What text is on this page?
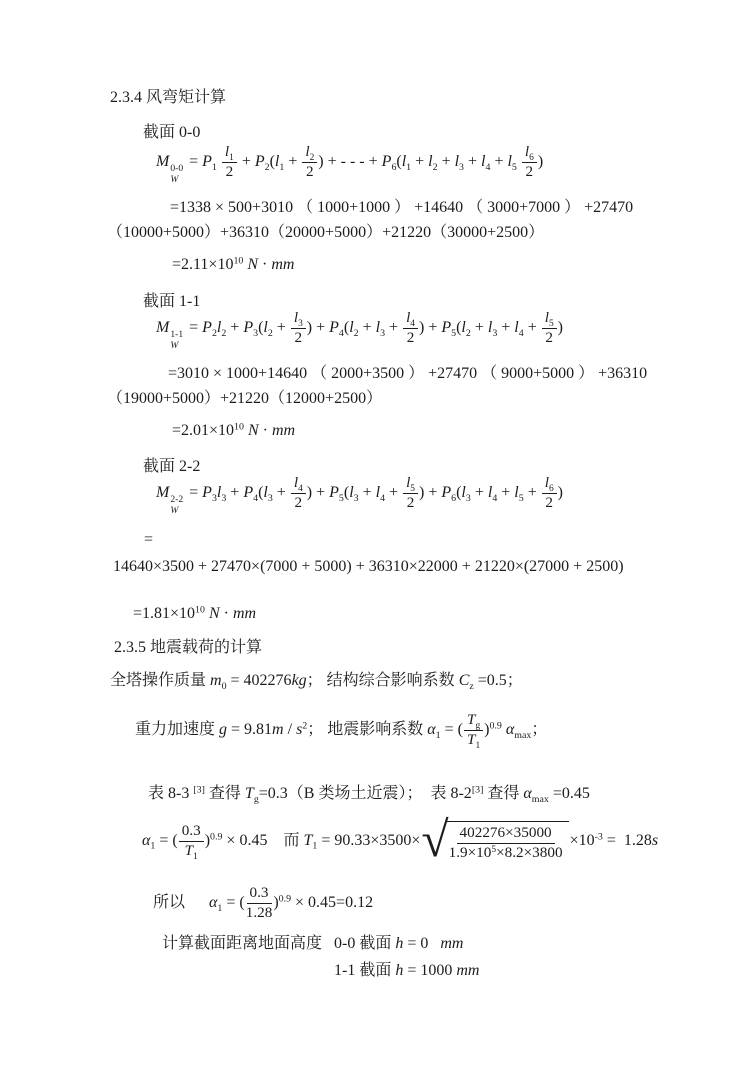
2.3.4 风弯矩计算
截面 0-0
M 0-0
W
= $P_1 \frac{l_1}{2} + P_2(l_1 + \frac{l_2}{2}$ ) + - - - + $P_6(l_1 + l_2 + l_3 + l_4 + l_5 \frac{l_6}{2}$ )
=1338 × 500+3010 （ 1000+1000 ） +14640 （ 3000+7000 ） +27470
（10000+5000）+36310（20000+5000）+21220（30000+2500）
$=2.11\times 10^{10}$ N · mm
截面 1-1
M 1-1
W
= $P_2l_2 + P_3(l_2 + \frac{l_3}{2}$ ) + $P_4(l_2 + l_3 + \frac{l_4}{2}$ ) + $P_5(l_2 + l_3 + l_4 + \frac{l_5}{2}$ )
=3010 × 1000+14640 （ 2000+3500 ） +27470 （ 9000+5000 ） +36310
（19000+5000）+21220（12000+2500）
$=2.01\times 10^{10}$ N · mm
截面 2-2
M 2-2
W
= $P_3l_3 + P_4(l_3 + \frac{l_4}{2}$ ) + $P_5(l_3 + l_4 + \frac{l_5}{2}$ ) + $P_6(l_3 + l_4 + l_5 + \frac{l_6}{2}$ )
=
14640×3500 + 27470×(7000 + 5000) + 36310×22000 + 21220×(27000 + 2500)
$=1.81\times 10^{10}$ N · mm
2.3.5 地震载荷的计算
全塔操作质量 $m_0 = 402276kg$； 结构综合影响系数 $C_z =0.5$；
重力加速度 $g = 9.81m / s^2$； 地震影响系数 $\alpha_1$ = ( $\frac{T_g}{T_1} )^{0.9}$ $\alpha_{max}$；
表 8-3 [3] 查得 $T_g=0.3(B$ 类场土近震）；  表 8-2[3] 查得 $\alpha_{max} =0.45$
$\alpha_1$ = ( $\frac{0.3}{T_1} )^{0.9} \times 0.45$    而 $T_1 = 90.33\times 3500\times$ √ $\frac{402276\times 35000}{1.9\times 10^5\times 8.2\times 3800} \times 10^{-3} = 1.28s$
所以      $\alpha_1$ = ( $\frac{0.3}{1.28} )^{0.9} \times 0.45=0.12$
计算截面距离地面高度   0-0 截面 h = 0   mm
1-1 截面 h = 1000 mm
